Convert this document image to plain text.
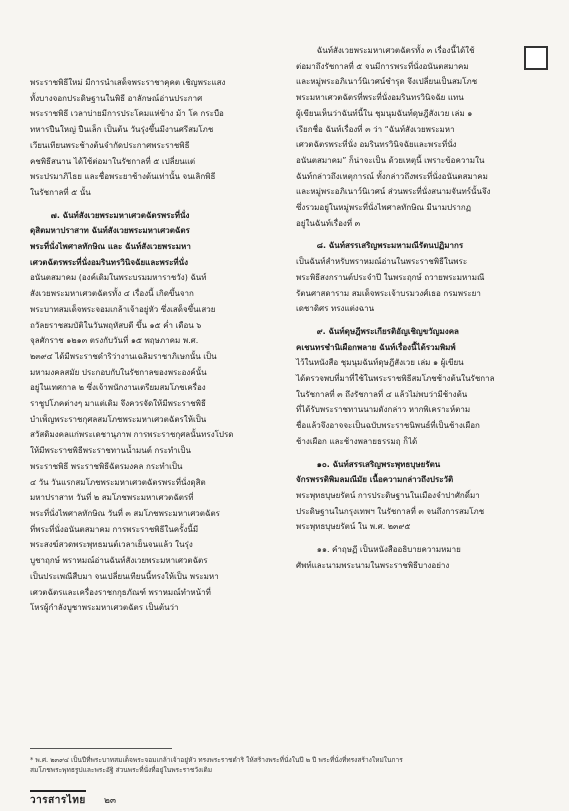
พระราชพิธีใหม่ มีการนำเสด็จพระราชาคุคต เชิญพระแสง

ทั้งบางจอกประดิษฐานในพิธี อาลักษณ์อ่านประกาศ

พระราชพิธี เวลาบ่ายมีการประโคมแห่ข้าง ม้า โค กระบือ

ทหารปืนใหญ่ ปืนเล็ก เป็นต้น วันรุ่งขึ้นมีงานศรีสมโภช

เวียนเทียนพระช้างต้นจำกัดประกาศพระราชพิธี

คชพิธีสนาน ได้ใช้ต่อมาในรัชกาลที่ ๕ เปลี่ยนแต่

พระปรมาภิไธย และชื่อพระยาช้างต้นเท่านั้น จนเลิกพิธี

ในรัชกาลที่ ๕ นั้น

๗. ฉันท์สังเวยพระมหาเศวตฉัตรพระที่นั่ง

ดุสิตมหาปราสาท ฉันท์สังเวยพระมหาเศวตฉัตร

พระที่นั่งไพศาลทักษิณ และ ฉันท์สังเวยพระมหา

เศวตฉัตรพระที่นั่งอมรินทรวินิจฉัยและพระที่นั่ง

อนันตสมาคม (องค์เดิมในพระบรมมหาราชวัง) ฉันท์

สังเวยพระมหาเศวตฉัตรทั้ง ๔ เรื่องนี้ เกิดขึ้นจาก

พระบาทสมเด็จพระจอมเกล้าเจ้าอยู่หัว ซึ่งเสด็จขึ้นเสวย

ถวัลยราชสมบัติในวันพฤหัสบดี ขึ้น ๑๕ ค่ำ เดือน ๖

จุลศักราช ๑๒๑๓ ตรงกับวันที่ ๑๕ พฤษภาคม พ.ศ.

๒๓๙๔ ได้มีพระราชดำริว่างานเฉลิมราชาภิเษกนั้น เป็น

มหามงคลสมัย ประกอบกับในรัชกาลของพระองค์นั้น

อยู่ในเทศกาล ๒ ซึ่งเจ้าพนักงานเตรียมสมโภชเครื่อง

ราชูปโภคต่างๆ มาแต่เดิม จึงควรจัดให้มีพระราชพิธี

บำเพ็ญพระราชกุศลสมโภชพระมหาเศวตฉัตรให้เป็น

สวัสดิมงคลแก่พระเดชานุภาพ การพระราชกุศลนั้นทรงโปรด

ให้มีพระราชพิธีพระราชทานน้ำมนต์ กระทำเป็น

พระราชพิธี พระราชพิธีฉัตรมงคล กระทำเป็น

๔ วัน วันแรกสมโภชพระมหาเศวตฉัตรพระที่นั่งดุสิต

มหาปราสาท วันที่ ๒ สมโภชพระมหาเศวตฉัตรที่

พระที่นั่งไพศาลทักษิณ วันที่ ๓ สมโภชพระมหาเศวตฉัตร

ที่พระที่นั่งอนันตสมาคม การพระราชพิธีในครั้งนี้มี

พระสงฆ์สวดพระพุทธมนต์เวลาเย็นจนแล้ว ในรุ่ง

บูชาฤกษ์ พราหมณ์อ่านฉันท์สังเวยพระมหาเศวตฉัตร

เป็นประเพณีสืบมา จนเปลี่ยนเทียนนี้ทรงให้เป็น พระมหา

เศวตฉัตรและเครื่องราชกกุธภัณฑ์ พราหมณ์ทำหน้าที่

โหรผู้กำลังบูชาพระมหาเศวตฉัตร เป็นต้นว่า

ฉันท์สังเวยพระมหาเศวตฉัตรทั้ง ๓ เรื่องนี้ได้ใช้

ต่อมาถึงรัชกาลที่ ๕ จนมีการพระที่นั่งอนันตสมาคม

และหมู่พระอภิเนาว์นิเวศน์ชำรุด จึงเปลี่ยนเป็นสมโภช

พระมหาเศวตฉัตรที่พระที่นั่งอมรินทรวินิจฉัย แทน

ผู้เขียนเห็นว่าฉันท์นี้ใน ชุมนุมฉันท์ดุษฎีสังเวย เล่ม ๑

เรียกชื่อ ฉันท์เรื่องที่ ๓ ว่า “ฉันท์สังเวยพระมหา

เศวตฉัตรพระที่นั่ง อมรินทรวินิจฉัยและพระที่นั่ง

อนันตสมาคม” ก็น่าจะเป็น ด้วยเหตุนี้ เพราะข้อความใน

ฉันท์กล่าวถึงเหตุการณ์ ทั้งกล่าวถึงพระที่นั่งอนันตสมาคม

และหมู่พระอภิเนาว์นิเวศน์ ส่วนพระที่นั่งสนามจันทร์นั้นจึง

ซึ่งรวมอยู่ในหมู่พระที่นั่งไพศาลทักษิณ มีนามปรากฏ

อยู่ในฉันท์เรื่องที่ ๓

๘. ฉันท์สรรเสริญพระมหามณีรัตนปฏิมากร

เป็นฉันท์สำหรับพราหมณ์อ่านในพระราชพิธีในพระ

พระพิธีสงกรานต์ประจำปี ในพระฤกษ์ ถวายพระมหามณี

รัตนศาสดาราม สมเด็จพระเจ้าบรมวงศ์เธอ กรมพระยา

เดชาดิศร ทรงแต่งฉาน

๙. ฉันท์ดุษฎีพระเกียรติอัญเชิญขวัญมงคล

คเชนทรชำนิเผือกพลาย ฉันท์เรื่องนี้ได้รวมพิมพ์

ไว้ในหนังสือ ชุมนุมฉันท์ดุษฎีสังเวย เล่ม ๑ ผู้เขียน

ได้ตรวจพบที่มาที่ใช้ในพระราชพิธีสมโภชช้างต้นในรัชกาล

ในรัชกาลที่ ๓ ถึงรัชกาลที่ ๔ แล้วไม่พบว่ามีช้างต้น

ที่ได้รับพระราชทานนามดังกล่าว หากพิเคราะห์ตาม

ชื่อแล้วจึงอาจจะเป็นฉบับพระราชนิพนธ์ที่เป็นช้างเผือก

ช้างเผือก และช้างพลายธรรมฤ ก็ได้

๑๐. ฉันท์สรรเสริญพระพุทธบุษยรัตน

จักรพรรดิพิมลมณีมัย เนื้อความกล่าวถึงประวัติ

พระพุทธบุษยรัตน์ การประดิษฐานในเมืองจำปาศักดิ์มา

ประดิษฐานในกรุงเทพฯ ในรัชกาลที่ ๓ จนถึงการสมโภช

พระพุทธบุษยรัตน์ ใน พ.ศ. ๒๓๙๕

๑๑. คำฤษฏี เป็นหนังสืออธิบายความหมาย

ศัพท์และนามพระนามในพระราชพิธีบางอย่าง

* พ.ศ. ๒๓๙๔ เป็นปีที่พระบาทสมเด็จพระจอมเกล้าเจ้าอยู่หัว ทรงพระราชดำริ ให้สร้างพระที่นั่งในปี ๒ ปี พระที่นั่งที่ทรงสร้างใหม่ในการ
สมโภชพระพุทธรูปและพระอัฐิ ส่วนพระที่นั่งที่อยู่ในพระราชวังเดิม
วารสารไทย ๒๓
